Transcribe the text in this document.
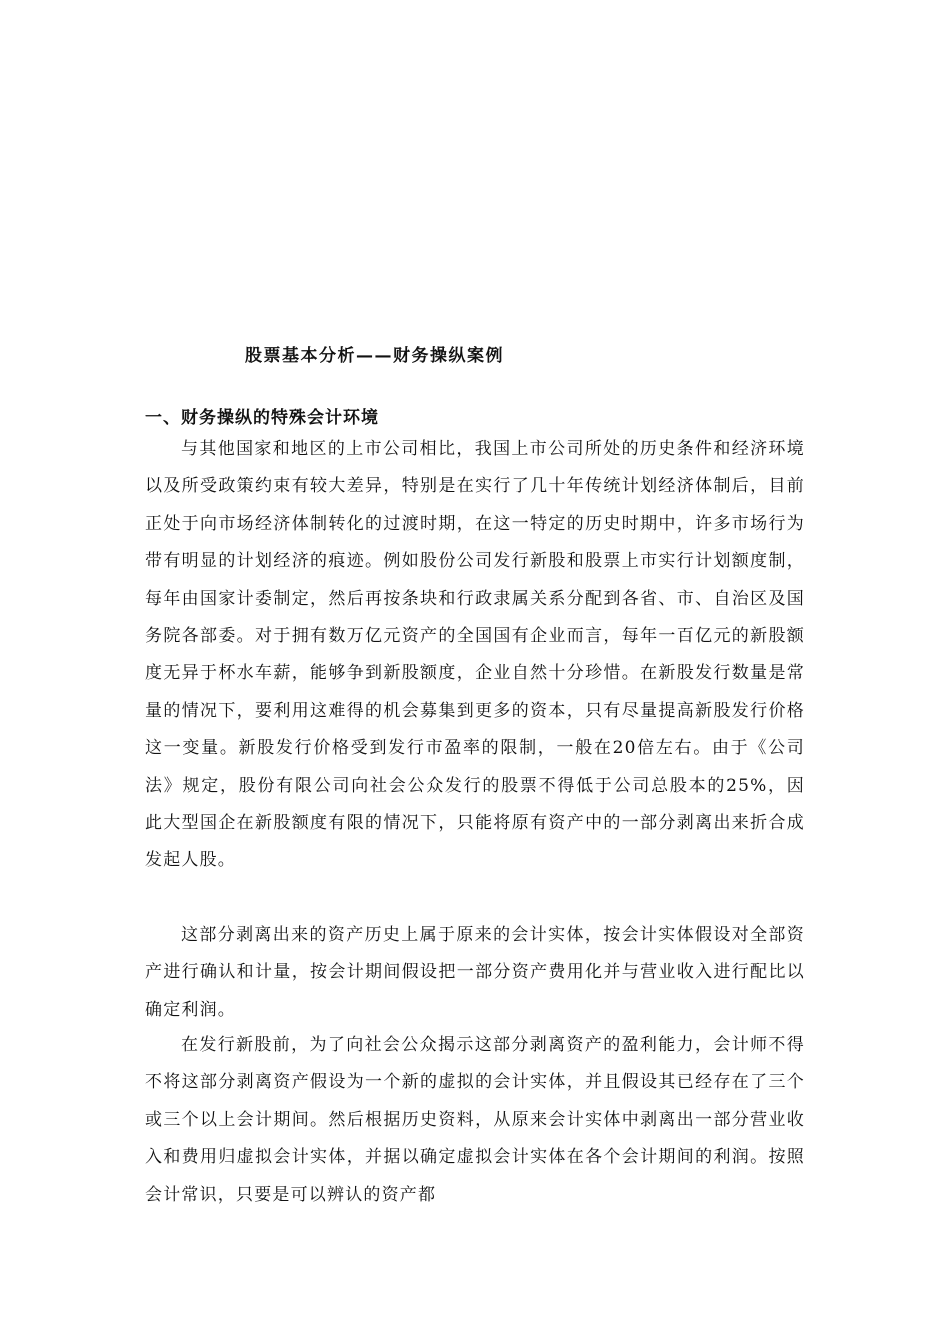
股票基本分析——财务操纵案例
一、财务操纵的特殊会计环境

与其他国家和地区的上市公司相比，我国上市公司所处的历史条件和经济环境以及所受政策约束有较大差异，特别是在实行了几十年传统计划经济体制后，目前正处于向市场经济体制转化的过渡时期，在这一特定的历史时期中，许多市场行为带有明显的计划经济的痕迹。例如股份公司发行新股和股票上市实行计划额度制，每年由国家计委制定，然后再按条块和行政隶属关系分配到各省、市、自治区及国务院各部委。对于拥有数万亿元资产的全国国有企业而言，每年一百亿元的新股额度无异于杯水车薪，能够争到新股额度，企业自然十分珍惜。在新股发行数量是常量的情况下，要利用这难得的机会募集到更多的资本，只有尽量提高新股发行价格这一变量。新股发行价格受到发行市盈率的限制，一般在20倍左右。由于《公司法》规定，股份有限公司向社会公众发行的股票不得低于公司总股本的25%，因此大型国企在新股额度有限的情况下，只能将原有资产中的一部分剥离出来折合成发起人股。

这部分剥离出来的资产历史上属于原来的会计实体，按会计实体假设对全部资产进行确认和计量，按会计期间假设把一部分资产费用化并与营业收入进行配比以确定利润。

在发行新股前，为了向社会公众揭示这部分剥离资产的盈利能力，会计师不得不将这部分剥离资产假设为一个新的虚拟的会计实体，并且假设其已经存在了三个或三个以上会计期间。然后根据历史资料，从原来会计实体中剥离出一部分营业收入和费用归虚拟会计实体，并据以确定虚拟会计实体在各个会计期间的利润。按照会计常识，只要是可以辨认的资产都
